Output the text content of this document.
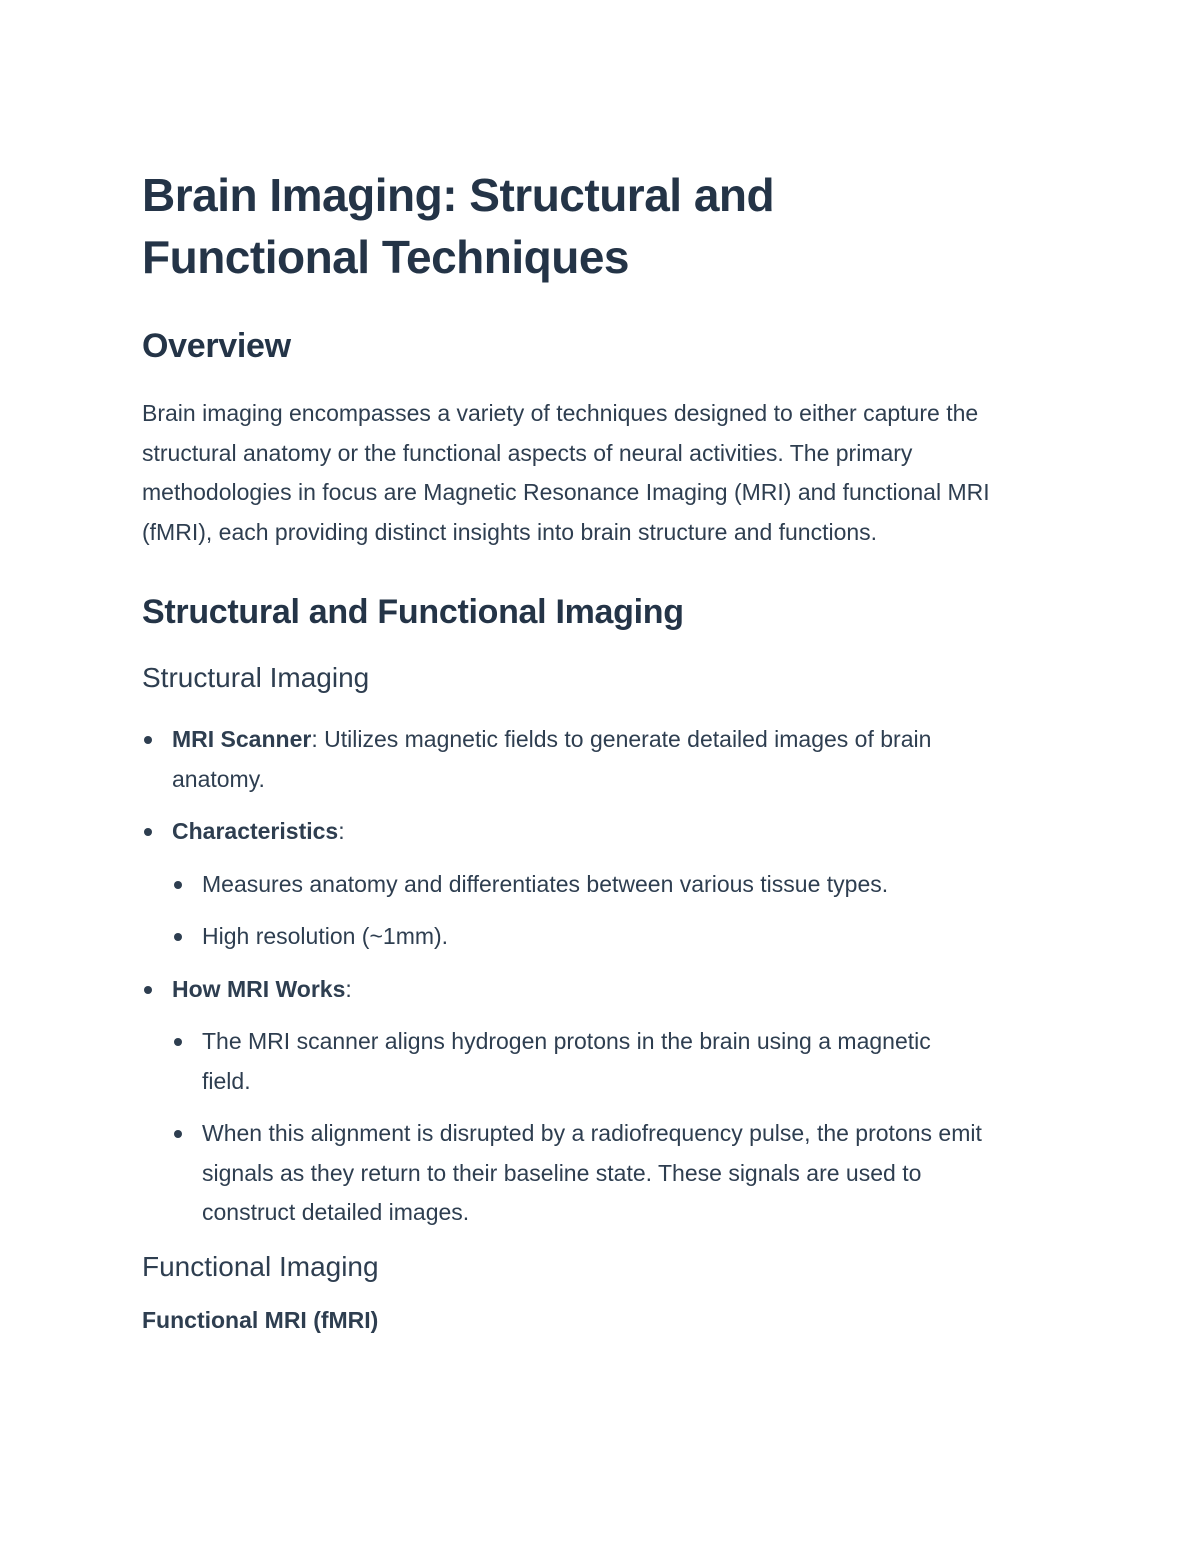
Brain Imaging: Structural and Functional Techniques
Overview

Brain imaging encompasses a variety of techniques designed to either capture the structural anatomy or the functional aspects of neural activities. The primary methodologies in focus are Magnetic Resonance Imaging (MRI) and functional MRI (fMRI), each providing distinct insights into brain structure and functions.

Structural and Functional Imaging
Structural Imaging
MRI Scanner: Utilizes magnetic fields to generate detailed images of brain anatomy.
Characteristics:
Measures anatomy and differentiates between various tissue types.
High resolution (~1mm).
How MRI Works:
The MRI scanner aligns hydrogen protons in the brain using a magnetic field.
When this alignment is disrupted by a radiofrequency pulse, the protons emit signals as they return to their baseline state. These signals are used to construct detailed images.
Functional Imaging
Functional MRI (fMRI)
